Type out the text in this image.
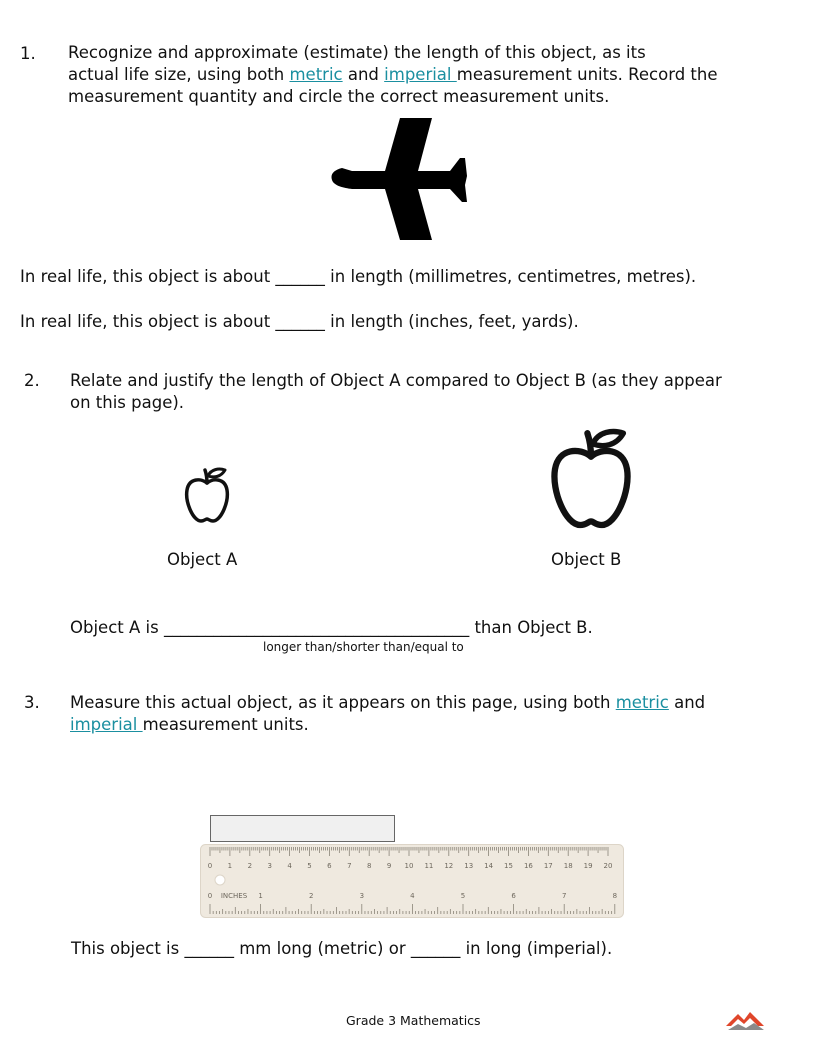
1. Recognize and approximate (estimate) the length of this object, as its
actual life size, using both metric and imperial measurement units. Record the
measurement quantity and circle the correct measurement units.
In real life, this object is about ______ in length (millimetres, centimetres, metres).
In real life, this object is about ______ in length (inches, feet, yards).
2. Relate and justify the length of Object A compared to Object B (as they appear
on this page).
Object A	Object B
Object A is _____________________________________ than Object B.
longer than/shorter than/equal to
3. Measure this actual object, as it appears on this page, using both metric and
imperial measurement units.
0 1 2 3 4 5 6 7 8 9 10 11 12 13 14 15 16 17 18 19 20
0	1	2	3	4	5	6	7	8
INCHES
This object is ______ mm long (metric) or ______ in long (imperial).
Grade 3 Mathematics
